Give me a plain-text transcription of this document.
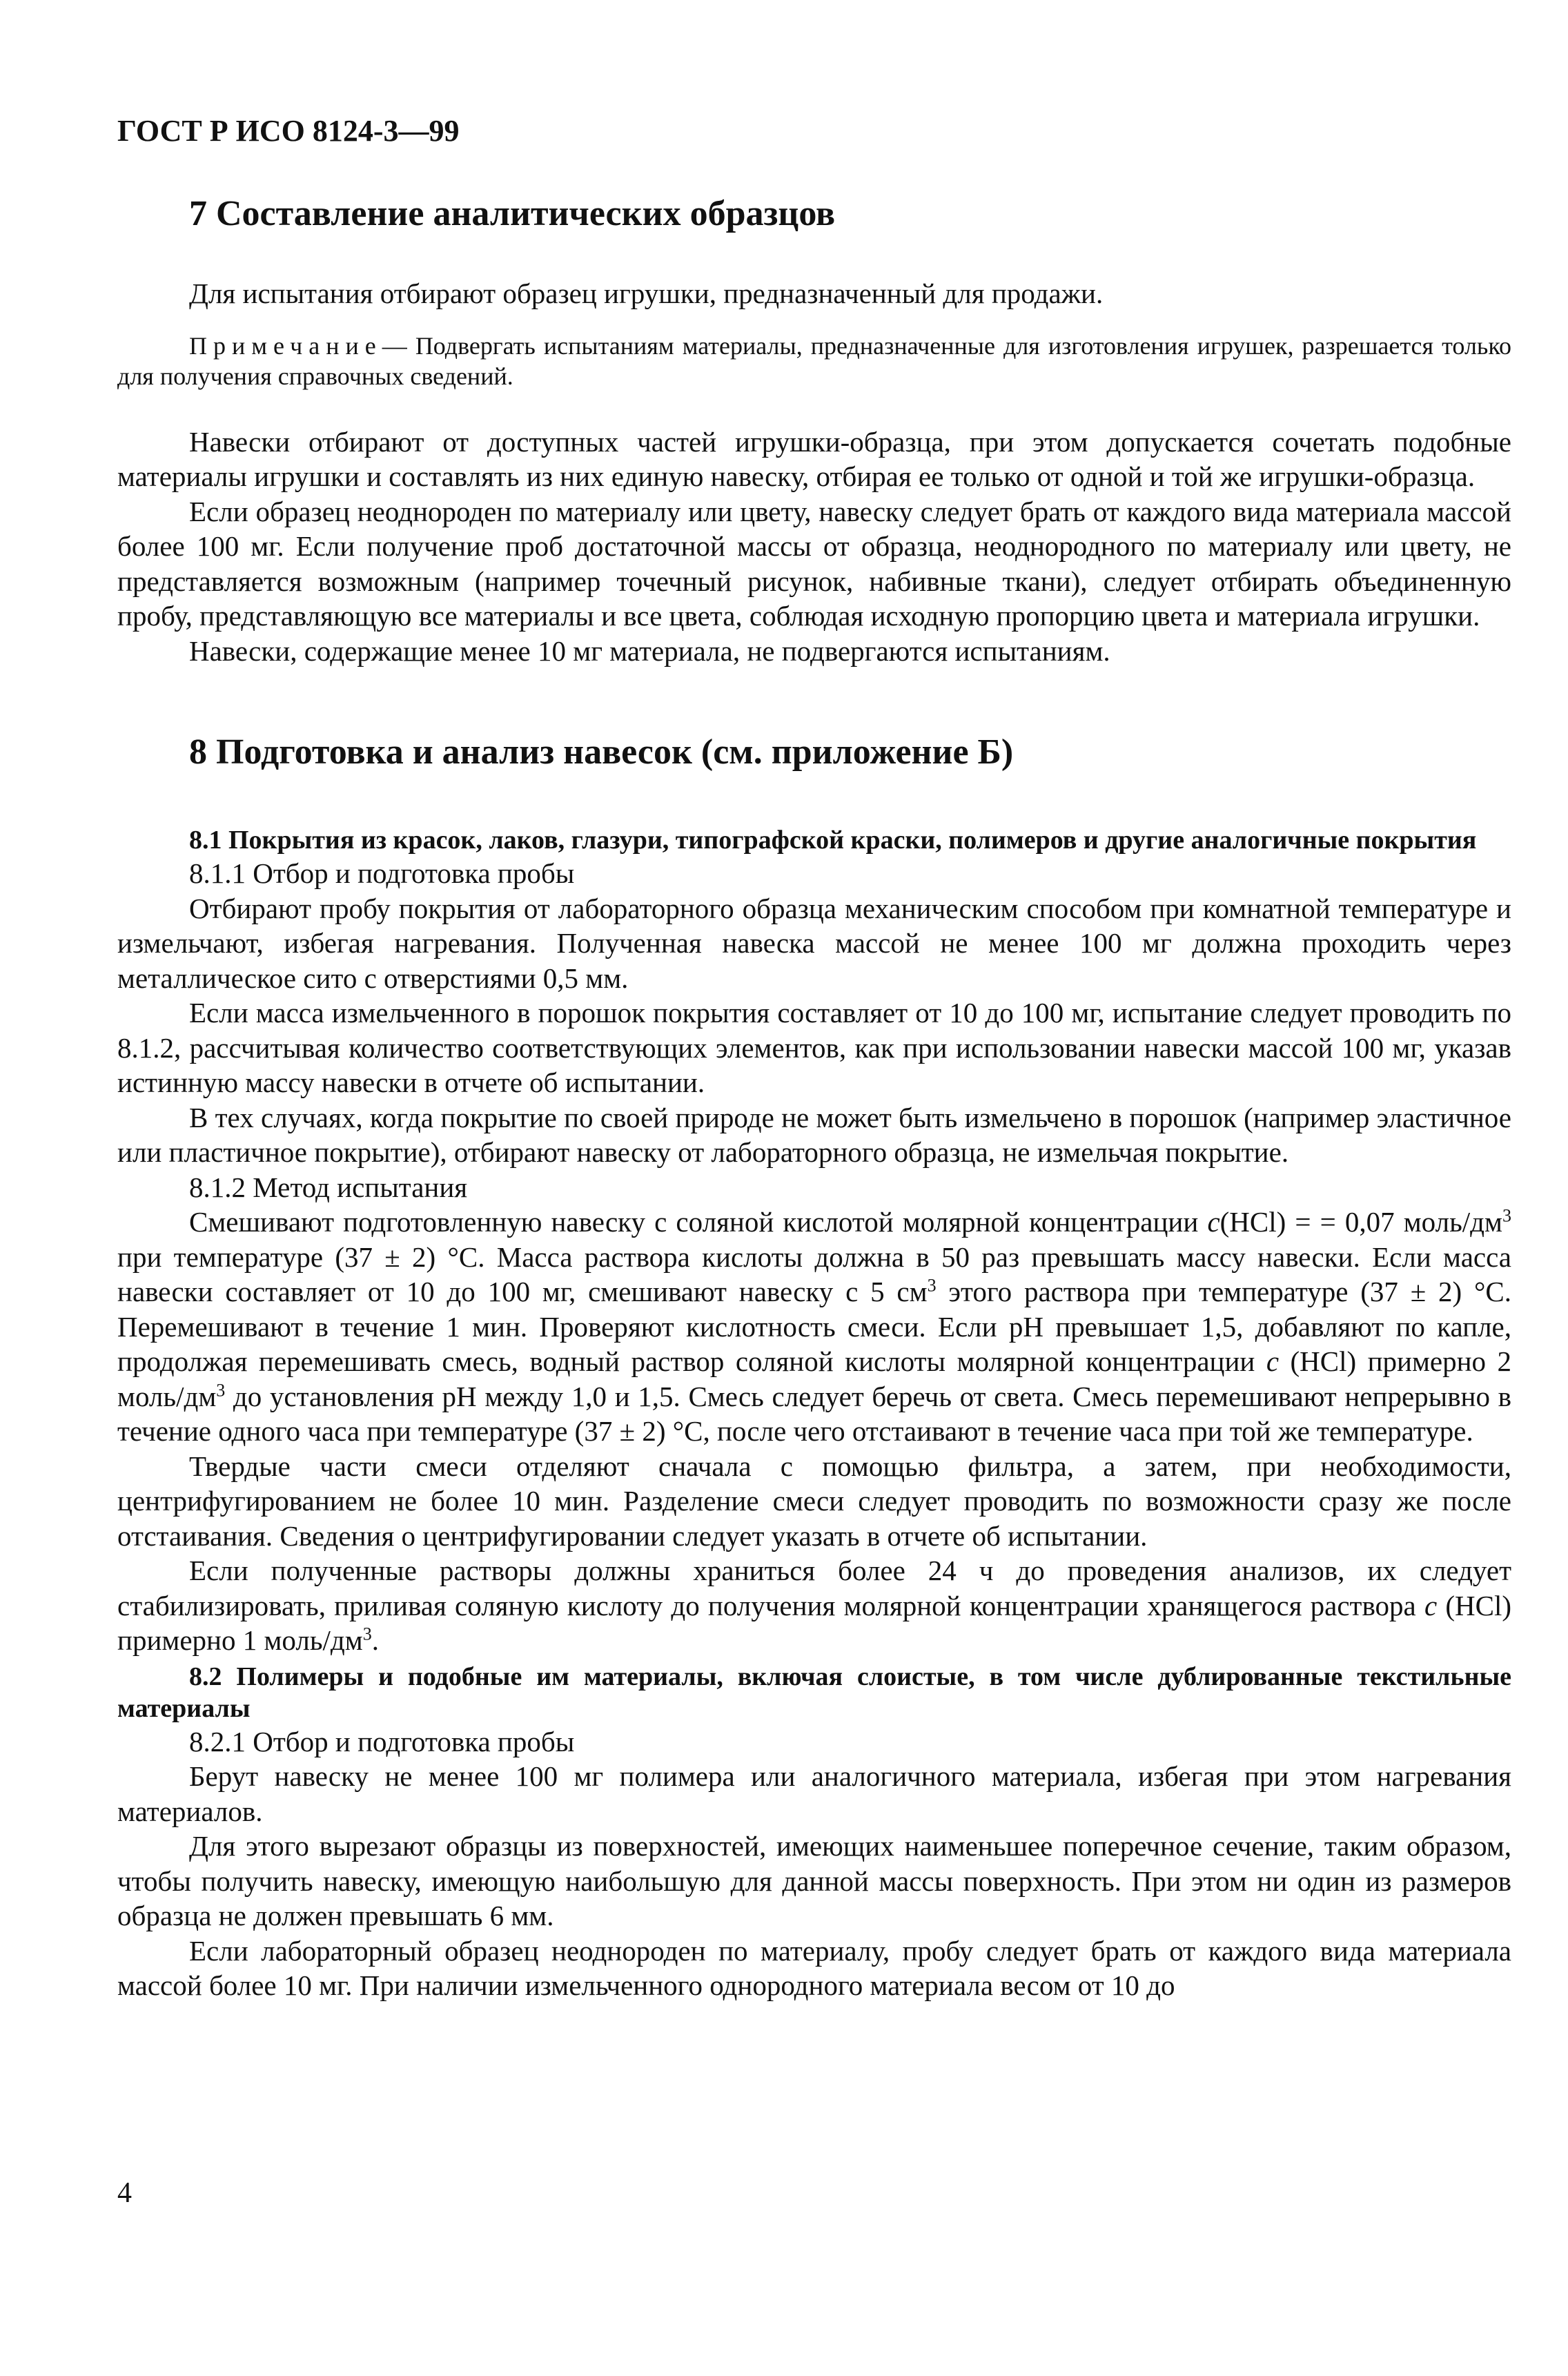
ГОСТ Р ИСО 8124-3—99
7 Составление аналитических образцов

Для испытания отбирают образец игрушки, предназначенный для продажи.

Примечание— Подвергать испытаниям материалы, предназначенные для изготовления игрушек, разрешается только для получения справочных сведений.

Навески отбирают от доступных частей игрушки-образца, при этом допускается сочетать подобные материалы игрушки и составлять из них единую навеску, отбирая ее только от одной и той же игрушки-образца.

Если образец неоднороден по материалу или цвету, навеску следует брать от каждого вида материала массой более 100 мг. Если получение проб достаточной массы от образца, неоднородного по материалу или цвету, не представляется возможным (например точечный рисунок, набивные ткани), следует отбирать объединенную пробу, представляющую все материалы и все цвета, соблюдая исходную пропорцию цвета и материала игрушки.

Навески, содержащие менее 10 мг материала, не подвергаются испытаниям.

8 Подготовка и анализ навесок (см. приложение Б)

8.1 Покрытия из красок, лаков, глазури, типографской краски, полимеров и другие аналогичные покрытия

8.1.1 Отбор и подготовка пробы

Отбирают пробу покрытия от лабораторного образца механическим способом при комнатной температуре и измельчают, избегая нагревания. Полученная навеска массой не менее 100 мг должна проходить через металлическое сито с отверстиями 0,5 мм.

Если масса измельченного в порошок покрытия составляет от 10 до 100 мг, испытание следует проводить по 8.1.2, рассчитывая количество соответствующих элементов, как при использовании навески массой 100 мг, указав истинную массу навески в отчете об испытании.

В тех случаях, когда покрытие по своей природе не может быть измельчено в порошок (например эластичное или пластичное покрытие), отбирают навеску от лабораторного образца, не измельчая покрытие.

8.1.2 Метод испытания

Смешивают подготовленную навеску с соляной кислотой молярной концентрации c(HCl) = = 0,07 моль/$дм^3$ при температуре (37 ± 2) °С. Масса раствора кислоты должна в 50 раз превышать массу навески. Если масса навески составляет от 10 до 100 мг, смешивают навеску с 5 $см^3$ этого раствора при температуре (37 ± 2) °С. Перемешивают в течение 1 мин. Проверяют кислотность смеси. Если рН превышает 1,5, добавляют по капле, продолжая перемешивать смесь, водный раствор соляной кислоты молярной концентрации c (HCl) примерно 2 моль/$дм^3$ до установления рН между 1,0 и 1,5. Смесь следует беречь от света. Смесь перемешивают непрерывно в течение одного часа при температуре (37 ± 2) °С, после чего отстаивают в течение часа при той же температуре.

Твердые части смеси отделяют сначала с помощью фильтра, а затем, при необходимости, центрифугированием не более 10 мин. Разделение смеси следует проводить по возможности сразу же после отстаивания. Сведения о центрифугировании следует указать в отчете об испытании.

Если полученные растворы должны храниться более 24 ч до проведения анализов, их следует стабилизировать, приливая соляную кислоту до получения молярной концентрации хранящегося раствора c (HCl) примерно 1 моль/$дм^3$.

8.2 Полимеры и подобные им материалы, включая слоистые, в том числе дублированные текстильные материалы

8.2.1 Отбор и подготовка пробы

Берут навеску не менее 100 мг полимера или аналогичного материала, избегая при этом нагревания материалов.

Для этого вырезают образцы из поверхностей, имеющих наименьшее поперечное сечение, таким образом, чтобы получить навеску, имеющую наибольшую для данной массы поверхность. При этом ни один из размеров образца не должен превышать 6 мм.

Если лабораторный образец неоднороден по материалу, пробу следует брать от каждого вида материала массой более 10 мг. При наличии измельченного однородного материала весом от 10 до

4
